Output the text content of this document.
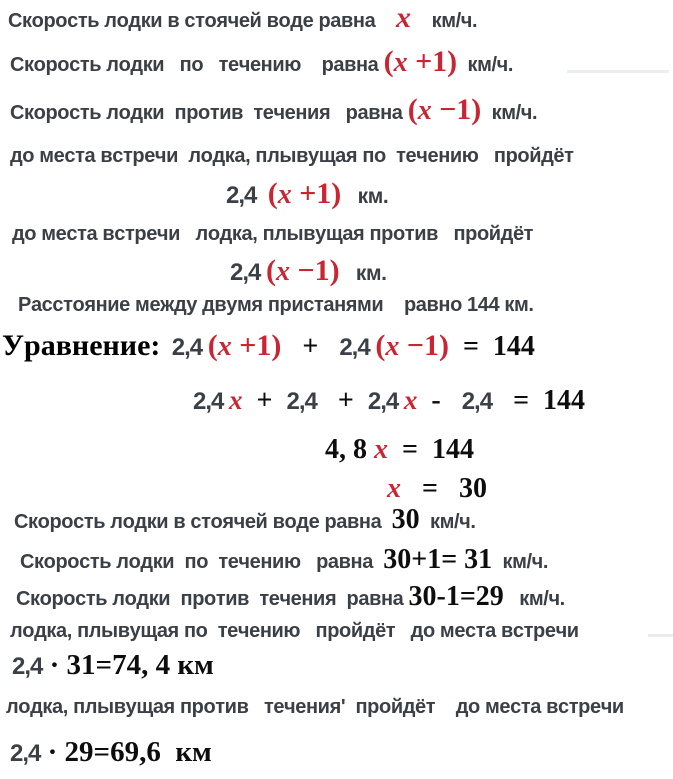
Скорость лодки в стоячей воде равна x    км/ч.
Скорость лодки   по   течению    равна (x +1)  км/ч.
Скорость лодки  против  течения   равна (x −1)  км/ч.
до места встречи  лодка, плывущая по  течению   пройдёт
2,4  (x +1)   км.
до места встречи   лодка, плывущая против   пройдёт
2,4 (x −1)   км.
Расстояние между двумя пристанями    равно 144 км.
Уравнение:  2,4 (x +1)   +   2,4 (x −1)  =  144
2,4 x  +  2,4   +  2,4 x  -   2,4   =  144
4, 8 x  =  144
x   =   30
Скорость лодки в стоячей воде равна  30  км/ч.
Скорость лодки  по  течению   равна  30+1= 31  км/ч.
Скорость лодки  против  течения  равна 30-1=29   км/ч.
лодка, плывущая по  течению   пройдёт   до места встречи
2,4 · 31=74, 4 км
лодка, плывущая против   течения'  пройдёт    до места встречи
2,4 · 29=69,6  км
